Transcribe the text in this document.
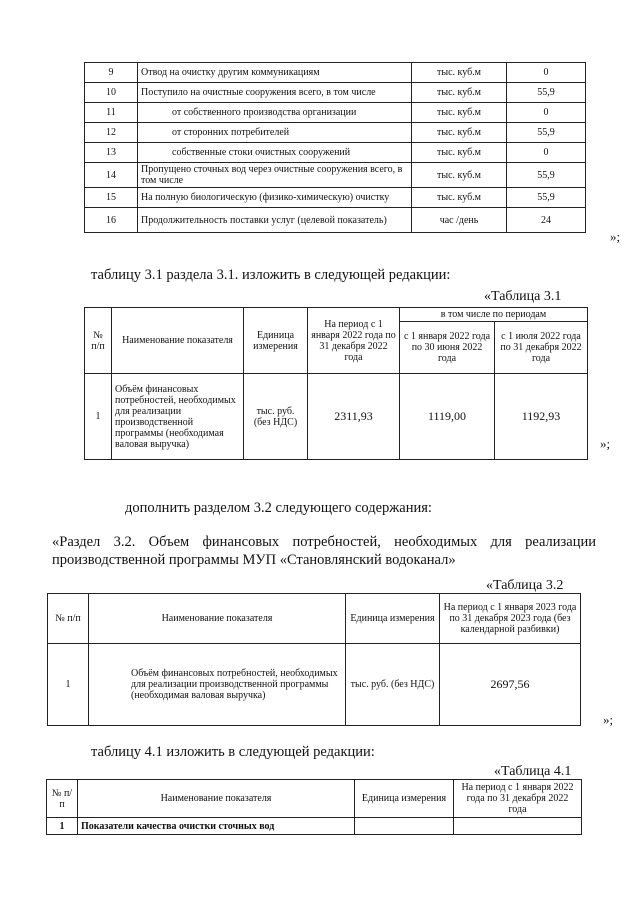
9	Отвод на очистку другим коммуникациям	тыс. куб.м	0
10	Поступило на очистные сооружения всего, в том числе	тыс. куб.м	55,9
11	от собственного производства организации	тыс. куб.м	0
12	от сторонних потребителей	тыс. куб.м	55,9
13	собственные стоки очистных сооружений	тыс. куб.м	0
14	Пропущено сточных вод через очистные сооружения всего, в том числе	тыс. куб.м	55,9
15	На полную биологическую (физико-химическую) очистку	тыс. куб.м	55,9
16	Продолжительность поставки услуг (целевой показатель)	час /день	24
»;
таблицу 3.1 раздела 3.1. изложить в следующей редакции:
«Таблица 3.1
№ п/п	Наименование показателя	Единица измерения	На период с 1 января 2022 года по 31 декабря 2022 года	в том числе по периодам	
				с 1 января 2022 года по 30 июня 2022 года	с 1 июля 2022 года по 31 декабря 2022 года
1	Объём финансовых потребностей, необходимых для реализации производственной программы (необходимая валовая выручка)	тыс. руб. (без НДС)	2311,93	1119,00	1192,93
»;
дополнить разделом 3.2 следующего содержания:
«Раздел 3.2. Объем финансовых потребностей, необходимых для реализации производственной программы МУП «Становлянский водоканал»
«Таблица 3.2
№ п/п	Наименование показателя	Единица измерения	На период с 1 января 2023 года по 31 декабря 2023 года (без календарной разбивки)
1	Объём финансовых потребностей, необходимых для реализации производственной программы (необходимая валовая выручка)	тыс. руб. (без НДС)	2697,56
»;
таблицу 4.1 изложить в следующей редакции:
«Таблица 4.1
№ п/п	Наименование показателя	Единица измерения	На период с 1 января 2022 года по 31 декабря 2022 года
1	Показатели качества очистки сточных вод		
